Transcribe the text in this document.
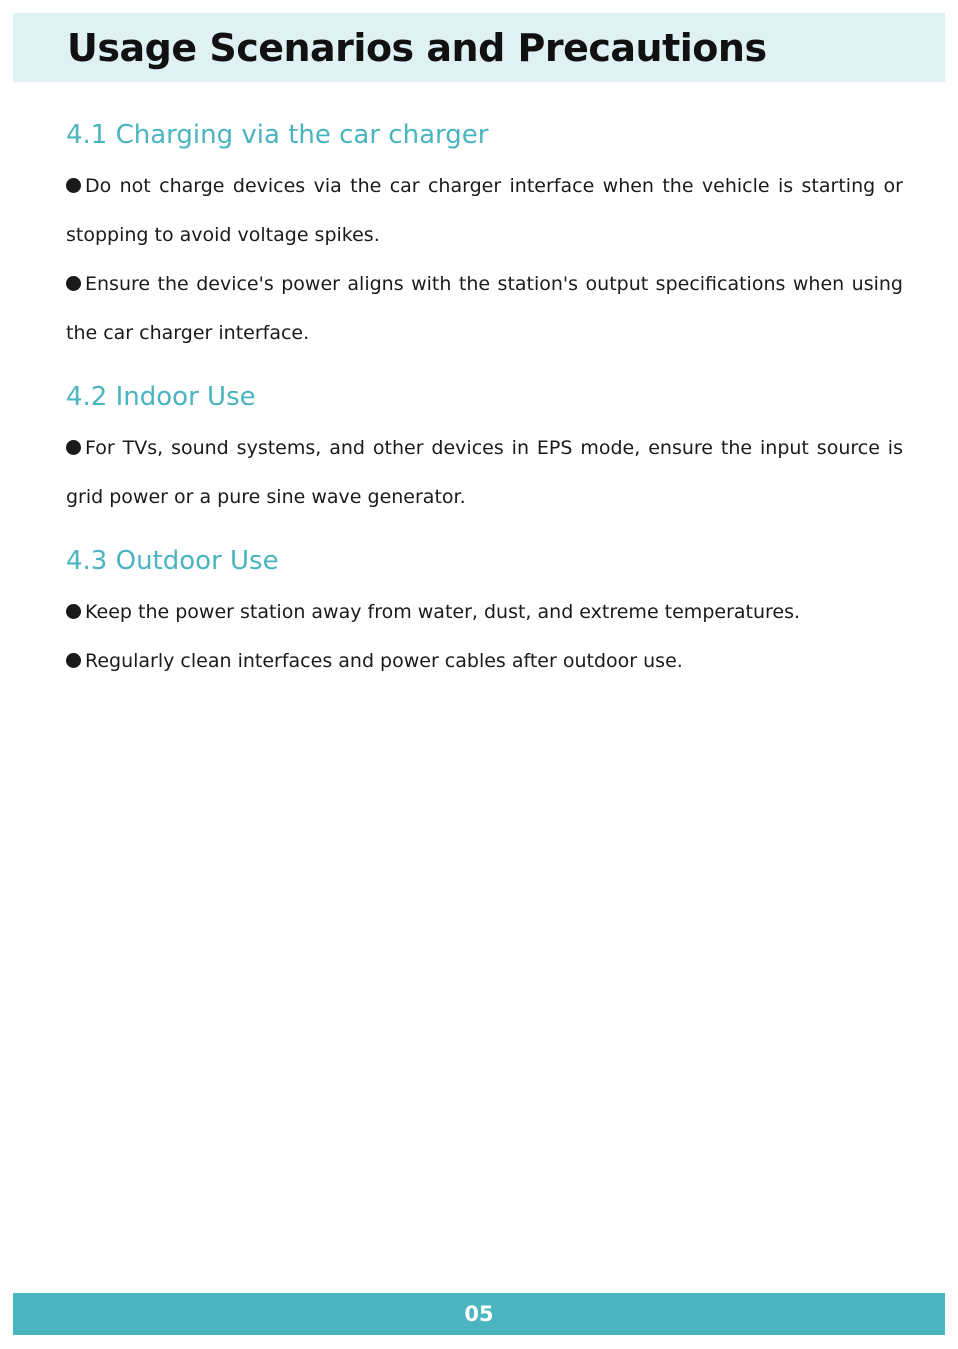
Usage Scenarios and Precautions
4.1 Charging via the car charger

Do not charge devices via the car charger interface when the vehicle is starting or stopping to avoid voltage spikes.

Ensure the device's power aligns with the station's output specifications when using the car charger interface.

4.2 Indoor Use

For TVs, sound systems, and other devices in EPS mode, ensure the input source is grid power or a pure sine wave generator.

4.3 Outdoor Use

Keep the power station away from water, dust, and extreme temperatures.

Regularly clean interfaces and power cables after outdoor use.

05
